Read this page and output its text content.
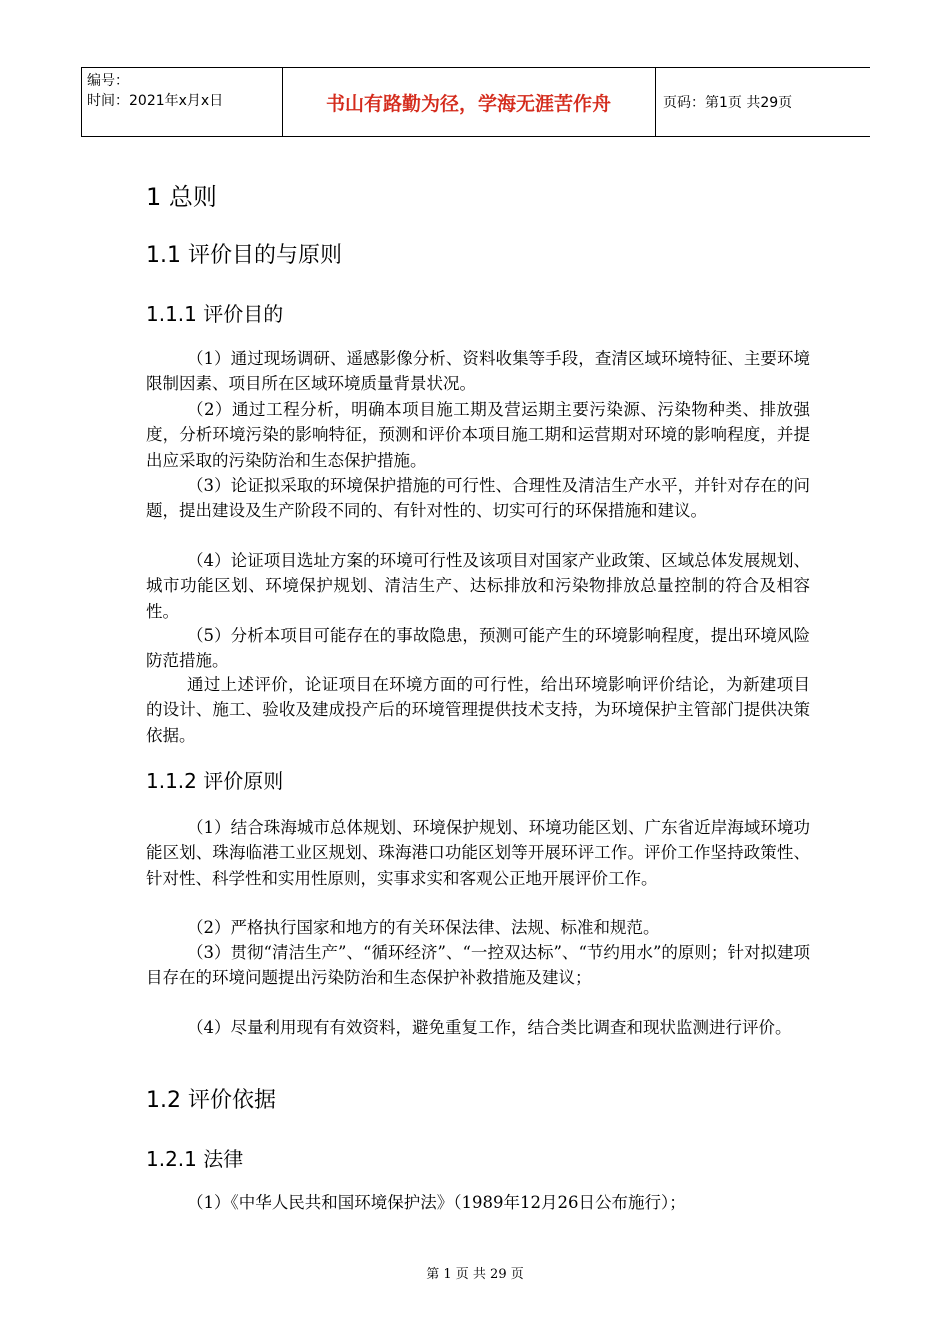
编号：
时间：2021年x月x日	书山有路勤为径，学海无涯苦作舟	页码：第1页 共29页
1 总则
1.1 评价目的与原则
1.1.1 评价目的

（1）通过现场调研、遥感影像分析、资料收集等手段，查清区域环境特征、主要环境限制因素、项目所在区域环境质量背景状况。

（2）通过工程分析，明确本项目施工期及营运期主要污染源、污染物种类、排放强度，分析环境污染的影响特征，预测和评价本项目施工期和运营期对环境的影响程度，并提出应采取的污染防治和生态保护措施。

（3）论证拟采取的环境保护措施的可行性、合理性及清洁生产水平，并针对存在的问题，提出建设及生产阶段不同的、有针对性的、切实可行的环保措施和建议。

（4）论证项目选址方案的环境可行性及该项目对国家产业政策、区域总体发展规划、城市功能区划、环境保护规划、清洁生产、达标排放和污染物排放总量控制的符合及相容性。

（5）分析本项目可能存在的事故隐患，预测可能产生的环境影响程度，提出环境风险防范措施。

通过上述评价，论证项目在环境方面的可行性，给出环境影响评价结论，为新建项目的设计、施工、验收及建成投产后的环境管理提供技术支持，为环境保护主管部门提供决策依据。

1.1.2 评价原则

（1）结合珠海城市总体规划、环境保护规划、环境功能区划、广东省近岸海域环境功能区划、珠海临港工业区规划、珠海港口功能区划等开展环评工作。评价工作坚持政策性、针对性、科学性和实用性原则，实事求实和客观公正地开展评价工作。

（2）严格执行国家和地方的有关环保法律、法规、标准和规范。

（3）贯彻“清洁生产”、“循环经济”、“一控双达标”、“节约用水”的原则；针对拟建项目存在的环境问题提出污染防治和生态保护补救措施及建议；

（4）尽量利用现有有效资料，避免重复工作，结合类比调查和现状监测进行评价。

1.2 评价依据
1.2.1 法律

（1）《中华人民共和国环境保护法》（1989年12月26日公布施行）；

第 1 页 共 29 页
